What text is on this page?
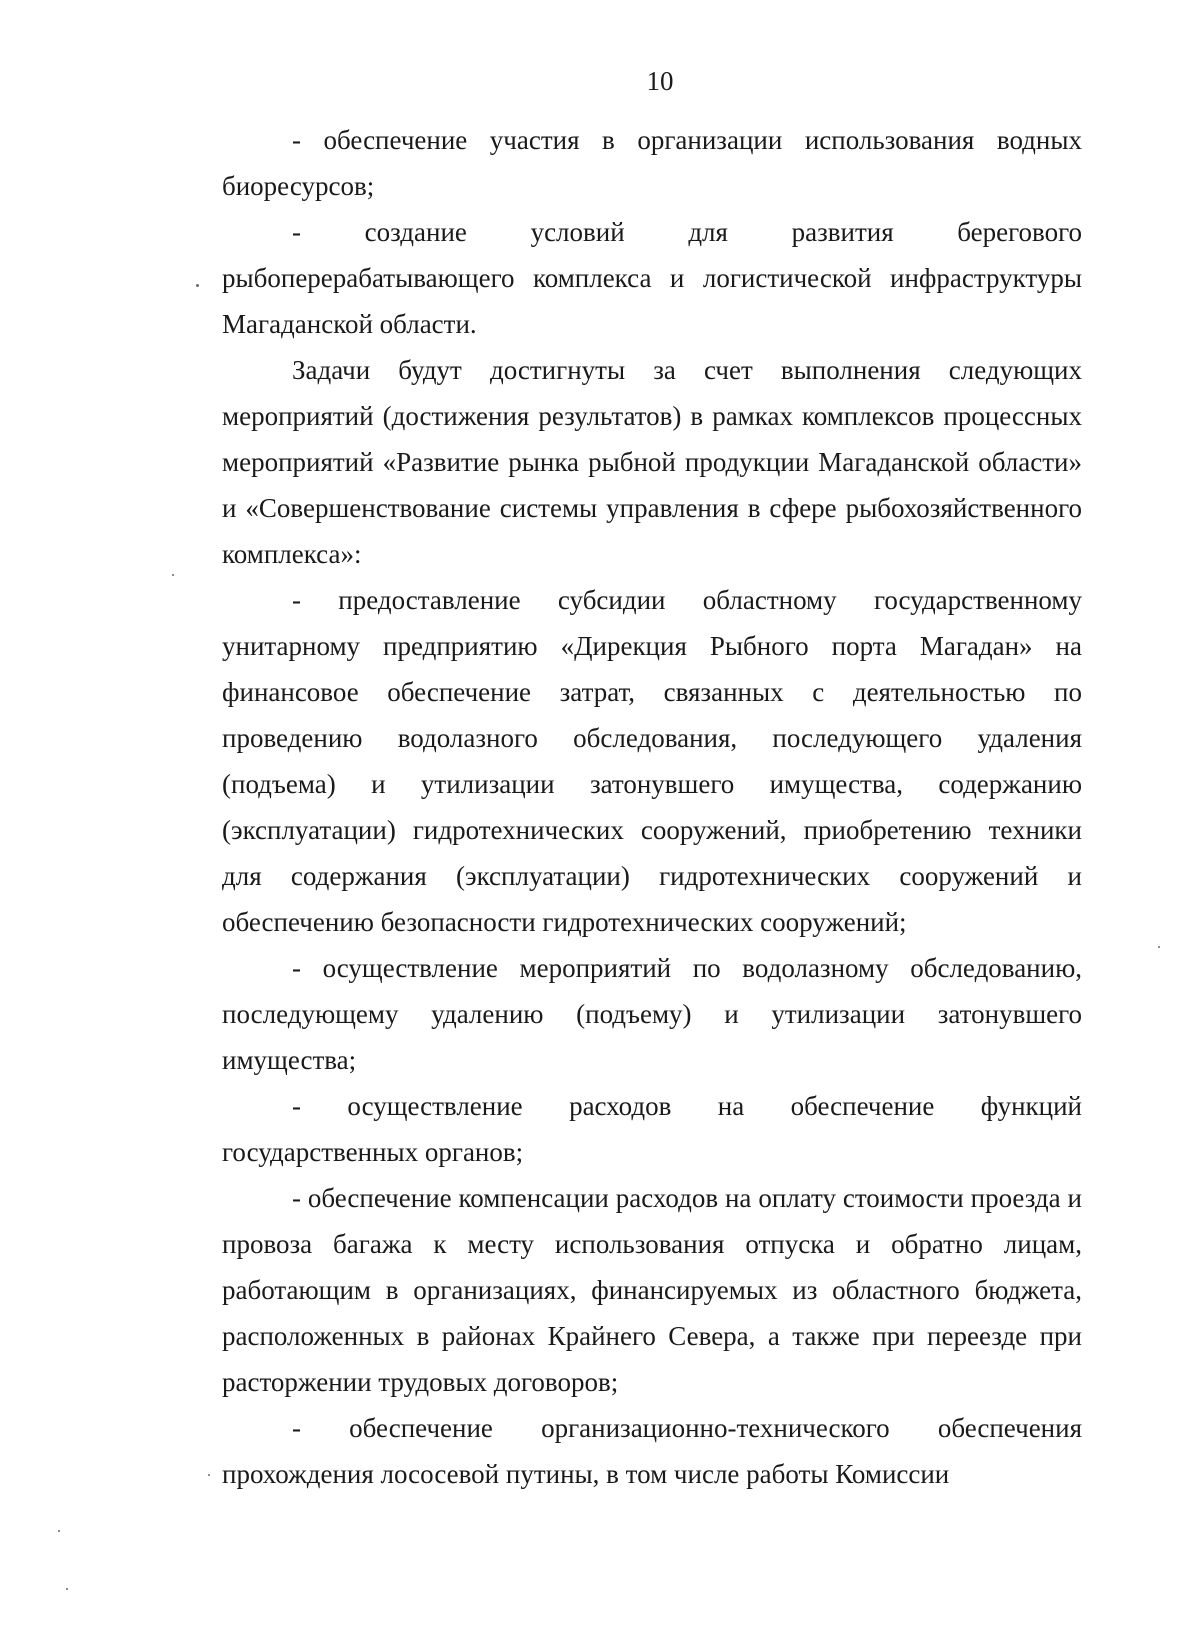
10

- обеспечение участия в организации использования водных биоресурсов;

- создание условий для развития берегового рыбоперерабатывающего комплекса и логистической инфраструктуры Магаданской области.

Задачи будут достигнуты за счет выполнения следующих мероприятий (достижения результатов) в рамках комплексов процессных мероприятий «Развитие рынка рыбной продукции Магаданской области» и «Совершенствование системы управления в сфере рыбохозяйственного комплекса»:

- предоставление субсидии областному государственному унитарному предприятию «Дирекция Рыбного порта Магадан» на финансовое обеспечение затрат, связанных с деятельностью по проведению водолазного обследования, последующего удаления (подъема) и утилизации затонувшего имущества, содержанию (эксплуатации) гидротехнических сооружений, приобретению техники для содержания (эксплуатации) гидротехнических сооружений и обеспечению безопасности гидротехнических сооружений;

- осуществление мероприятий по водолазному обследованию, последующему удалению (подъему) и утилизации затонувшего имущества;

- осуществление расходов на обеспечение функций государственных органов;

- обеспечение компенсации расходов на оплату стоимости проезда и провоза багажа к месту использования отпуска и обратно лицам, работающим в организациях, финансируемых из областного бюджета, расположенных в районах Крайнего Севера, а также при переезде при расторжении трудовых договоров;

- обеспечение организационно-технического обеспечения прохождения лососевой путины, в том числе работы Комиссии
